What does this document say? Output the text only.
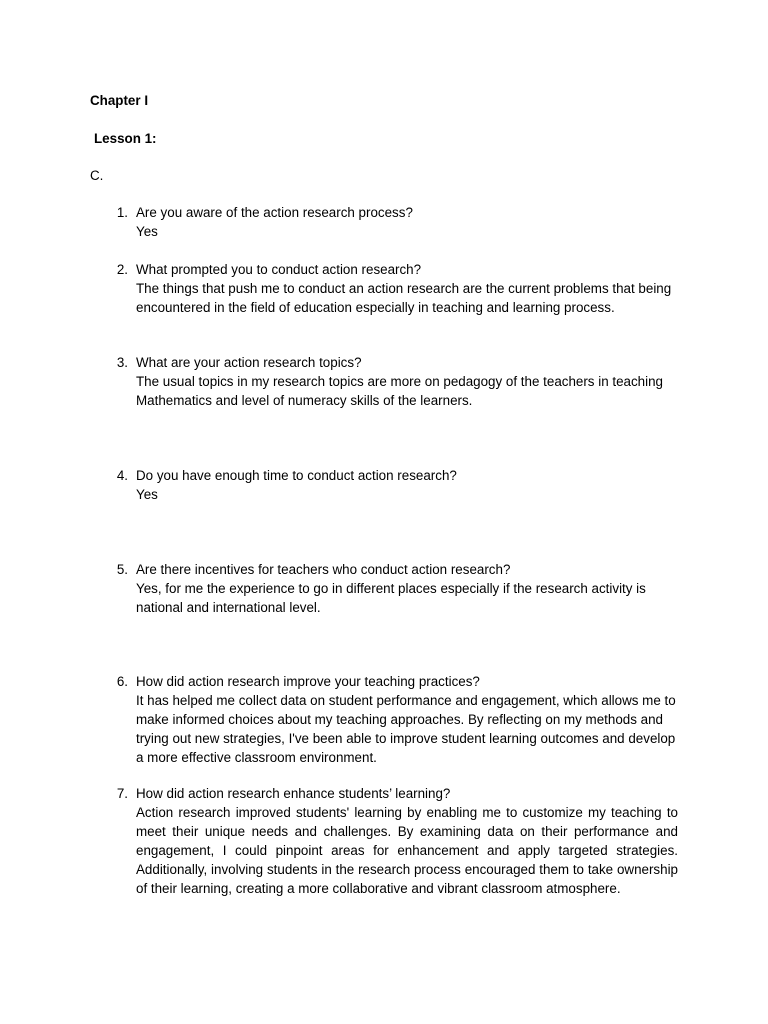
Chapter I
Lesson 1:
C.
1. Are you aware of the action research process?
Yes
2. What prompted you to conduct action research?
The things that push me to conduct an action research are the current problems that being encountered in the field of education especially in teaching and learning process.
3. What are your action research topics?
The usual topics in my research topics are more on pedagogy of the teachers in teaching Mathematics and level of numeracy skills of the learners.
4. Do you have enough time to conduct action research?
Yes
5. Are there incentives for teachers who conduct action research?
Yes, for me the experience to go in different places especially if the research activity is national and international level.
6. How did action research improve your teaching practices?
It has helped me collect data on student performance and engagement, which allows me to make informed choices about my teaching approaches. By reflecting on my methods and trying out new strategies, I've been able to improve student learning outcomes and develop a more effective classroom environment.
7. How did action research enhance students’ learning?
Action research improved students' learning by enabling me to customize my teaching to meet their unique needs and challenges. By examining data on their performance and engagement, I could pinpoint areas for enhancement and apply targeted strategies. Additionally, involving students in the research process encouraged them to take ownership of their learning, creating a more collaborative and vibrant classroom atmosphere.
